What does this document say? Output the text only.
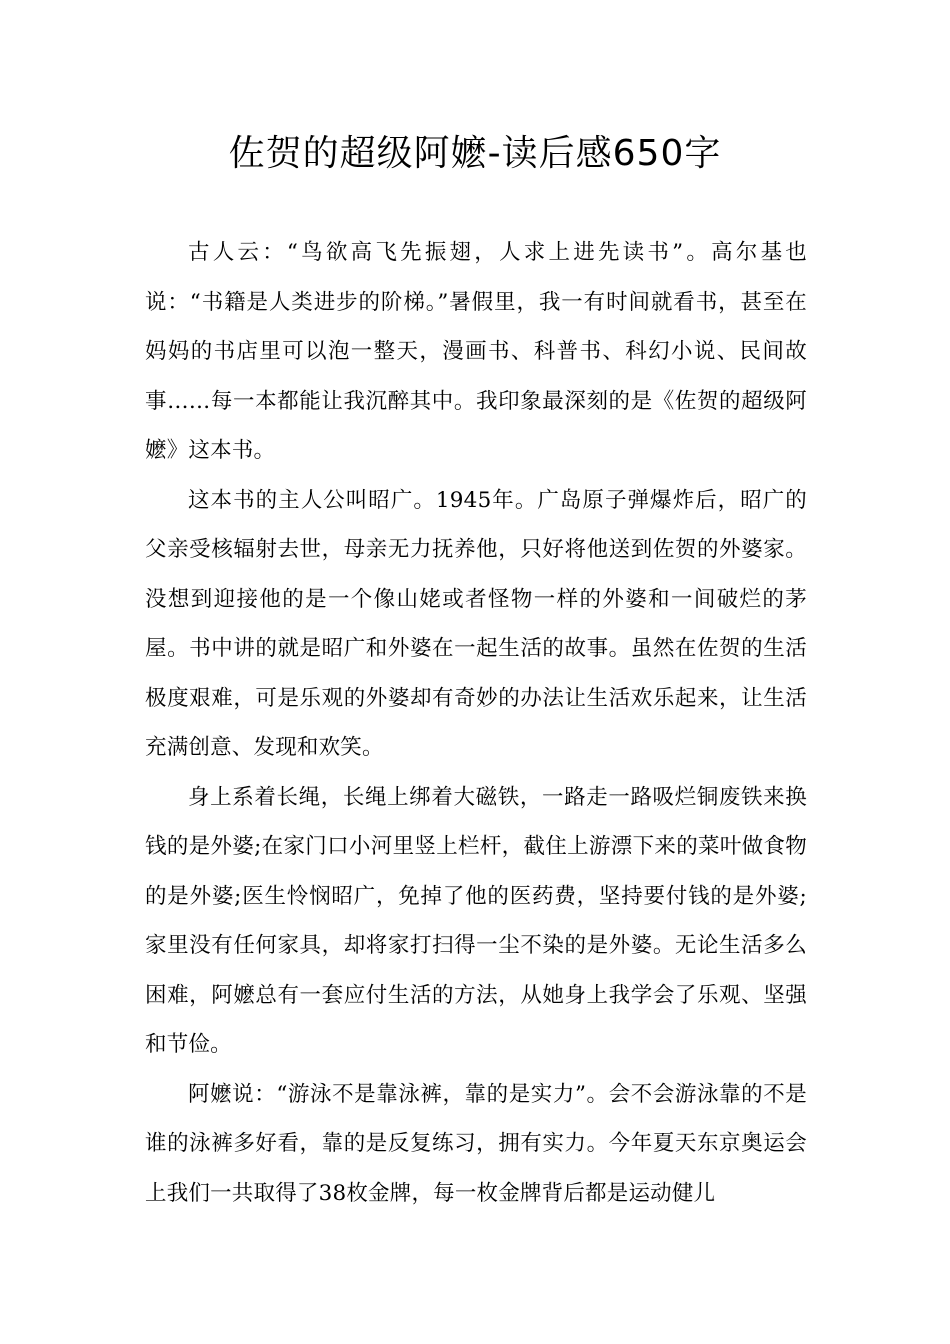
佐贺的超级阿嬷-读后感650字

古人云：“鸟欲高飞先振翅，人求上进先读书”。高尔基也说：“书籍是人类进步的阶梯。”暑假里，我一有时间就看书，甚至在妈妈的书店里可以泡一整天，漫画书、科普书、科幻小说、民间故事……每一本都能让我沉醉其中。我印象最深刻的是《佐贺的超级阿嬷》这本书。

这本书的主人公叫昭广。1945年。广岛原子弹爆炸后，昭广的父亲受核辐射去世，母亲无力抚养他，只好将他送到佐贺的外婆家。没想到迎接他的是一个像山姥或者怪物一样的外婆和一间破烂的茅屋。书中讲的就是昭广和外婆在一起生活的故事。虽然在佐贺的生活极度艰难，可是乐观的外婆却有奇妙的办法让生活欢乐起来，让生活充满创意、发现和欢笑。

身上系着长绳，长绳上绑着大磁铁，一路走一路吸烂铜废铁来换钱的是外婆;在家门口小河里竖上栏杆，截住上游漂下来的菜叶做食物的是外婆;医生怜悯昭广，免掉了他的医药费，坚持要付钱的是外婆;家里没有任何家具，却将家打扫得一尘不染的是外婆。无论生活多么困难，阿嬷总有一套应付生活的方法，从她身上我学会了乐观、坚强和节俭。

阿嬷说：“游泳不是靠泳裤，靠的是实力”。会不会游泳靠的不是谁的泳裤多好看，靠的是反复练习，拥有实力。今年夏天东京奥运会上我们一共取得了38枚金牌，每一枚金牌背后都是运动健儿
